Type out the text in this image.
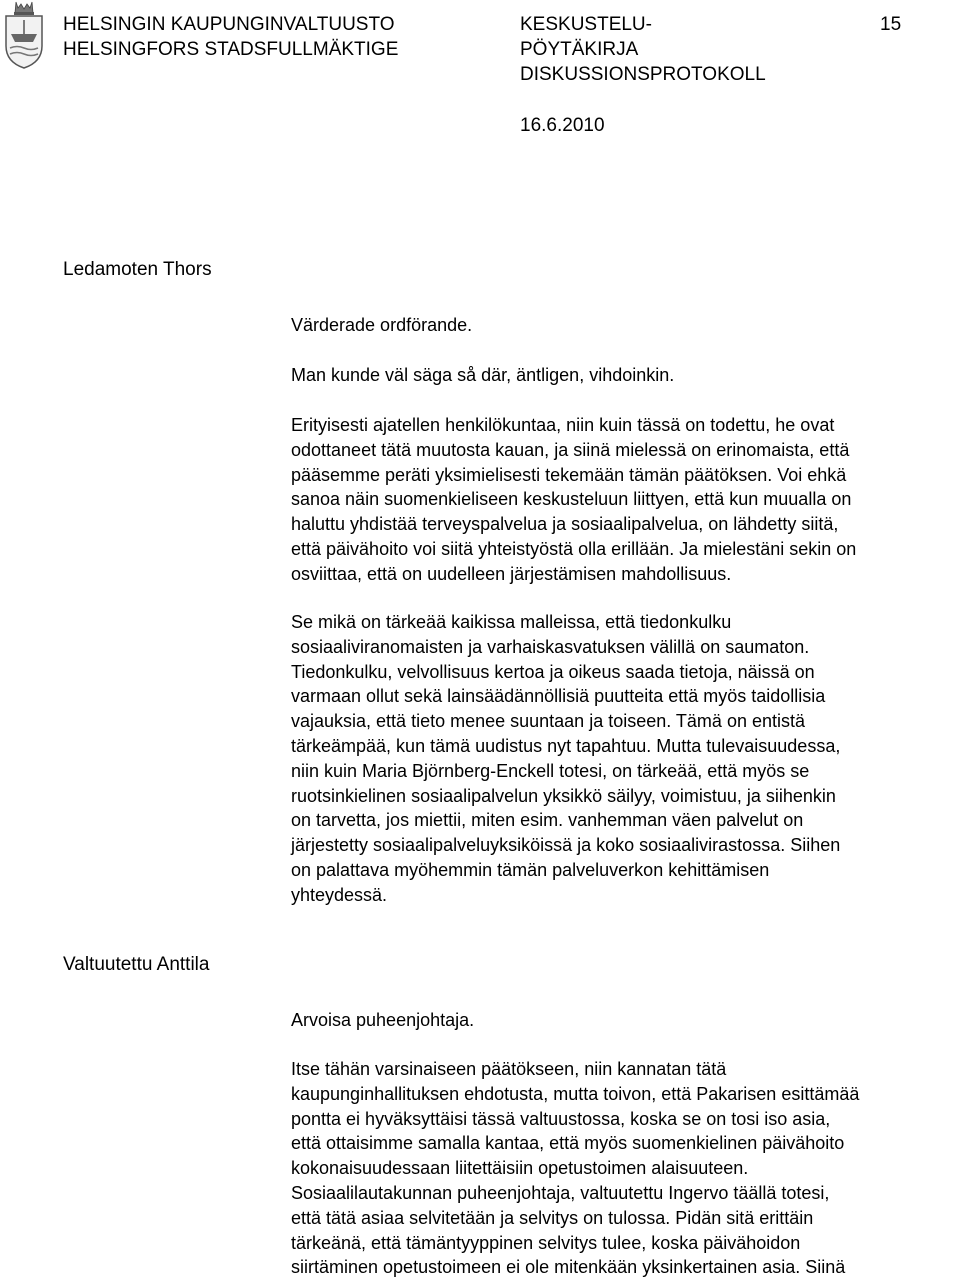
HELSINGIN KAUPUNGINVALTUUSTO
HELSINGFORS STADSFULLMÄKTIGE
KESKUSTELU-
PÖYTÄKIRJA
DISKUSSIONSPROTOKOLL
15
16.6.2010
Ledamoten Thors
Värderade ordförande.
Man kunde väl säga så där, äntligen, vihdoinkin.
Erityisesti ajatellen henkilökuntaa, niin kuin tässä on todettu, he ovat
odottaneet tätä muutosta kauan, ja siinä mielessä on erinomaista, että
pääsemme peräti yksimielisesti tekemään tämän päätöksen. Voi ehkä
sanoa näin suomenkieliseen keskusteluun liittyen, että kun muualla on
haluttu yhdistää terveyspalvelua ja sosiaalipalvelua, on lähdetty siitä,
että päivähoito voi siitä yhteistyöstä olla erillään. Ja mielestäni sekin on
osviittaa, että on uudelleen järjestämisen mahdollisuus.
Se mikä on tärkeää kaikissa malleissa, että tiedonkulku
sosiaaliviranomaisten ja varhaiskasvatuksen välillä on saumaton.
Tiedonkulku, velvollisuus kertoa ja oikeus saada tietoja, näissä on
varmaan ollut sekä lainsäädännöllisiä puutteita että myös taidollisia
vajauksia, että tieto menee suuntaan ja toiseen. Tämä on entistä
tärkeämpää, kun tämä uudistus nyt tapahtuu. Mutta tulevaisuudessa,
niin kuin Maria Björnberg-Enckell totesi, on tärkeää, että myös se
ruotsinkielinen sosiaalipalvelun yksikkö säilyy, voimistuu, ja siihenkin
on tarvetta, jos miettii, miten esim. vanhemman väen palvelut on
järjestetty sosiaalipalveluyksiköissä ja koko sosiaalivirastossa. Siihen
on palattava myöhemmin tämän palveluverkon kehittämisen
yhteydessä.
Valtuutettu Anttila
Arvoisa puheenjohtaja.
Itse tähän varsinaiseen päätökseen, niin kannatan tätä
kaupunginhallituksen ehdotusta, mutta toivon, että Pakarisen esittämää
pontta ei hyväksyttäisi tässä valtuustossa, koska se on tosi iso asia,
että ottaisimme samalla kantaa, että myös suomenkielinen päivähoito
kokonaisuudessaan liitettäisiin opetustoimen alaisuuteen.
Sosiaalilautakunnan puheenjohtaja, valtuutettu Ingervo täällä totesi,
että tätä asiaa selvitetään ja selvitys on tulossa. Pidän sitä erittäin
tärkeänä, että tämäntyyppinen selvitys tulee, koska päivähoidon
siirtäminen opetustoimeen ei ole mitenkään yksinkertainen asia. Siinä
